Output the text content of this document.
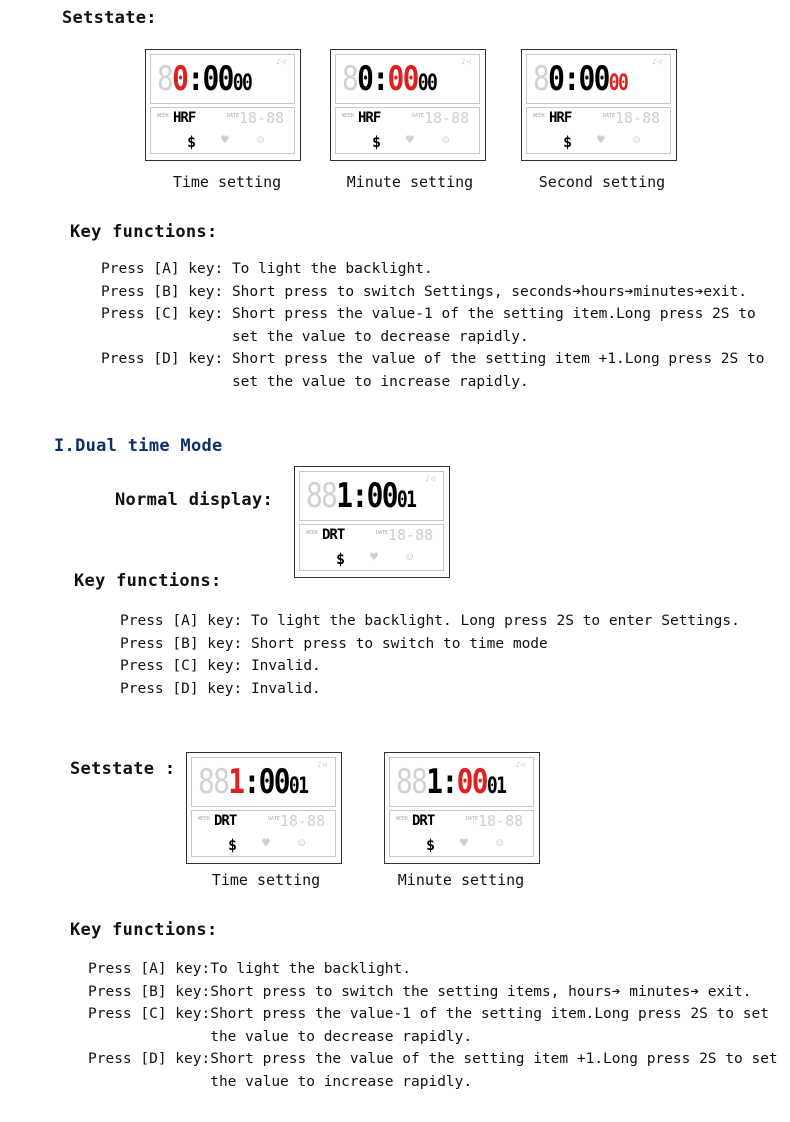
Setstate:
80:0000
♪◁
WEEK HRF	DATE 18-88
$ ♥ ☺
Time setting
80:0000
♪◁
WEEK HRF	DATE 18-88
$ ♥ ☺
Minute setting
80:0000
♪◁
WEEK HRF	DATE 18-88
$ ♥ ☺
Second setting
Key functions:
Press [A] key: To light the backlight.
Press [B] key: Short press to switch Settings, seconds➔hours➔minutes➔exit.
Press [C] key: Short press the value-1 of the setting item.Long press 2S to
set the value to decrease rapidly.
Press [D] key: Short press the value of the setting item +1.Long press 2S to
set the value to increase rapidly.
I.Dual time Mode
Normal display: 881:0001
♪◁
WEEK DRT	DATE 18-88
$ ♥ ☺
Key functions:
Press [A] key: To light the backlight. Long press 2S to enter Settings.
Press [B] key: Short press to switch to time mode
Press [C] key: Invalid.
Press [D] key: Invalid.
Setstate : 881:0001
♪◁
WEEK DRT	DATE 18-88
$ ♥ ☺
Time setting
881:0001
♪◁
WEEK DRT	DATE 18-88
$ ♥ ☺
Minute setting
Key functions:
Press [A] key:To light the backlight.
Press [B] key:Short press to switch the setting items, hours➔ minutes➔ exit.
Press [C] key:Short press the value-1 of the setting item.Long press 2S to set
the value to decrease rapidly.
Press [D] key:Short press the value of the setting item +1.Long press 2S to set
the value to increase rapidly.
